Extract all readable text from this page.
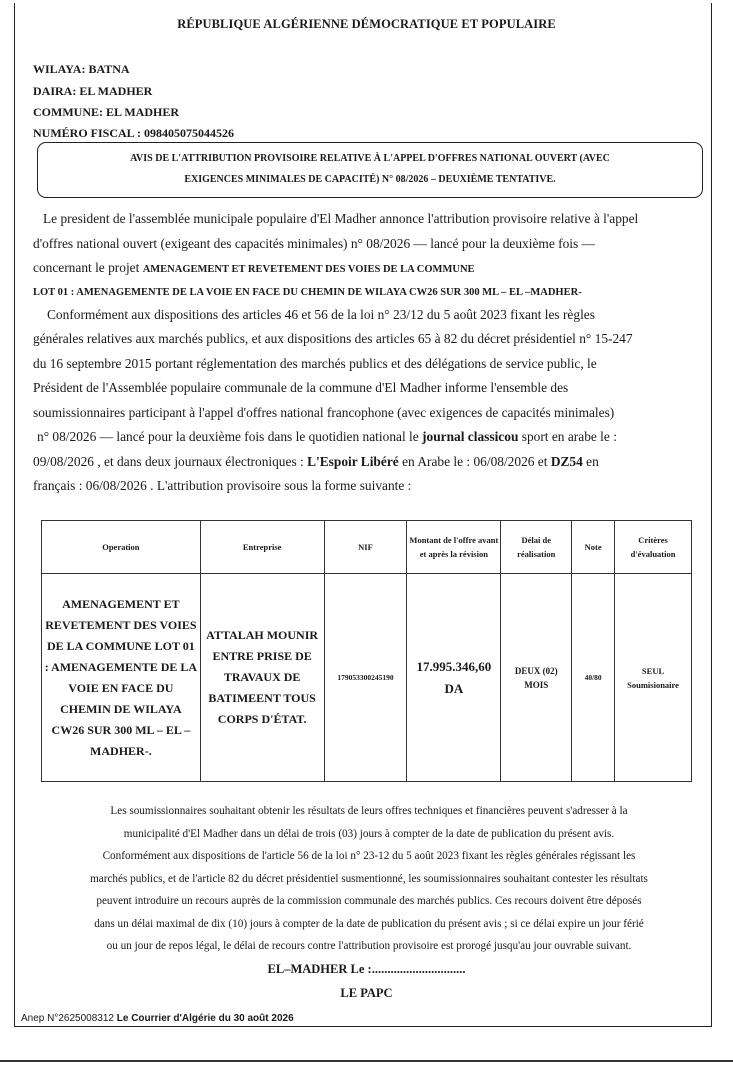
RÉPUBLIQUE ALGÉRIENNE DÉMOCRATIQUE ET POPULAIRE
WILAYA: BATNA
DAIRA: EL MADHER
COMMUNE: EL MADHER
NUMÉRO FISCAL : 098405075044526
AVIS DE L'ATTRIBUTION PROVISOIRE RELATIVE À L'APPEL D'OFFRES NATIONAL OUVERT (AVEC
EXIGENCES MINIMALES DE CAPACITÉ) N° 08/2026 – DEUXIÈME TENTATIVE.

Le president de l'assemblée municipale populaire d'El Madher annonce l'attribution provisoire relative à l'appel

d'offres national ouvert (exigeant des capacités minimales) n° 08/2026 — lancé pour la deuxième fois —

concernant le projet AMENAGEMENT ET REVETEMENT DES VOIES DE LA COMMUNE

LOT 01 : AMENAGEMENTE DE LA VOIE EN FACE DU CHEMIN DE WILAYA CW26 SUR 300 ML – EL –MADHER-

Conformément aux dispositions des articles 46 et 56 de la loi n° 23/12 du 5 août 2023 fixant les règles

générales relatives aux marchés publics, et aux dispositions des articles 65 à 82 du décret présidentiel n° 15-247

du 16 septembre 2015 portant réglementation des marchés publics et des délégations de service public, le

Président de l'Assemblée populaire communale de la commune d'El Madher informe l'ensemble des

soumissionnaires participant à l'appel d'offres national francophone (avec exigences de capacités minimales)

n° 08/2026 — lancé pour la deuxième fois dans le quotidien national le journal classicou sport en arabe le :

09/08/2026 , et dans deux journaux électroniques : L'Espoir Libéré en Arabe le : 06/08/2026 et DZ54 en

français : 06/08/2026 . L'attribution provisoire sous la forme suivante :

Operation	Entreprise	NIF	Montant de l'offre avant et après la révision	Délai de réalisation	Note	Critères d'évaluation
AMENAGEMENT ET REVETEMENT DES VOIES DE LA COMMUNE LOT 01 : AMENAGEMENTE DE LA VOIE EN FACE DU CHEMIN DE WILAYA CW26 SUR 300 ML – EL –MADHER-.	ATTALAH MOUNIR ENTRE PRISE DE TRAVAUX DE BATIMEENT TOUS CORPS D'ÉTAT.	179053300245190	17.995.346,60 DA	DEUX (02) MOIS	40/80	SEUL Soumisionaire

Les soumissionnaires souhaitant obtenir les résultats de leurs offres techniques et financières peuvent s'adresser à la

municipalité d'El Madher dans un délai de trois (03) jours à compter de la date de publication du présent avis.

Conformément aux dispositions de l'article 56 de la loi n° 23-12 du 5 août 2023 fixant les règles générales régissant les

marchés publics, et de l'article 82 du décret présidentiel susmentionné, les soumissionnaires souhaitant contester les résultats

peuvent introduire un recours auprès de la commission communale des marchés publics. Ces recours doivent être déposés

dans un délai maximal de dix (10) jours à compter de la date de publication du présent avis ; si ce délai expire un jour férié

ou un jour de repos légal, le délai de recours contre l'attribution provisoire est prorogé jusqu'au jour ouvrable suivant.

EL–MADHER Le :..............................
LE PAPC
Anep N°2625008312 Le Courrier d'Algérie du 30 août 2026
